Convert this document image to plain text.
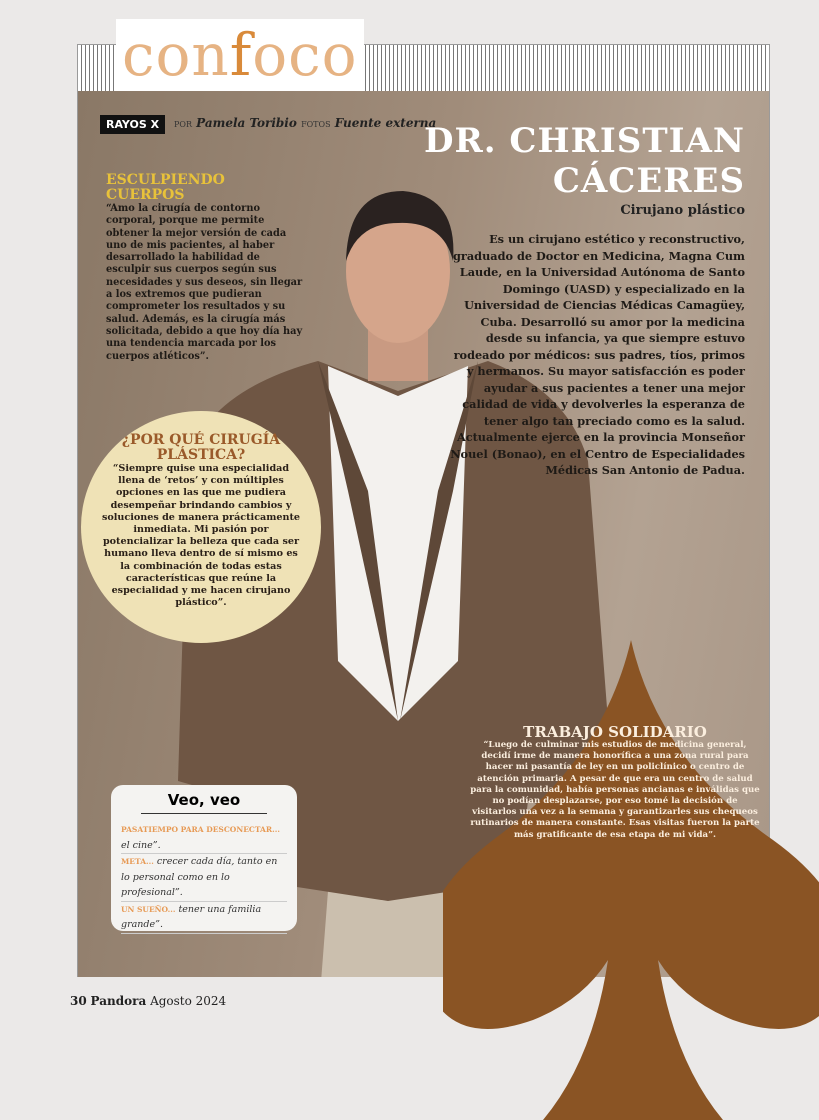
confoco
RAYOS X	POR Pamela Toribio FOTOS Fuente externa
DR. CHRISTIAN
CÁCERES
Cirujano plástico

Es un cirujano estético y reconstructivo, graduado de Doctor en Medicina, Magna Cum Laude, en la Universidad Autónoma de Santo Domingo (UASD) y especializado en la Universidad de Ciencias Médicas Camagüey, Cuba. Desarrolló su amor por la medicina desde su infancia, ya que siempre estuvo rodeado por médicos: sus padres, tíos, primos y hermanos. Su mayor satisfacción es poder ayudar a sus pacientes a tener una mejor calidad de vida y devolverles la esperanza de tener algo tan preciado como es la salud. Actualmente ejerce en la provincia Monseñor Nouel (Bonao), en el Centro de Especialidades Médicas San Antonio de Padua.

ESCULPIENDO CUERPOS

“Amo la cirugía de contorno corporal, porque me permite obtener la mejor versión de cada uno de mis pacientes, al haber desarrollado la habilidad de esculpir sus cuerpos según sus necesidades y sus deseos, sin llegar a los extremos que pudieran comprometer los resultados y su salud. Además, es la cirugía más solicitada, debido a que hoy día hay una tendencia marcada por los cuerpos atléticos”.

¿POR QUÉ CIRUGÍA PLÁSTICA?

“Siempre quise una especialidad llena de ‘retos’ y con múltiples opciones en las que me pudiera desempeñar brindando cambios y soluciones de manera prácticamente inmediata. Mi pasión por potencializar la belleza que cada ser humano lleva dentro de sí mismo es la combinación de todas estas características que reúne la especialidad y me hacen cirujano plástico”.

Veo, veo
PASATIEMPO PARA DESCONECTAR... el cine”.
META... crecer cada día, tanto en lo personal como en lo profesional”.
UN SUEÑO... tener una familia grande”.
TRABAJO SOLIDARIO

“Luego de culminar mis estudios de medicina general, decidí irme de manera honorífica a una zona rural para hacer mi pasantía de ley en un policlínico o centro de atención primaria. A pesar de que era un centro de salud para la comunidad, había personas ancianas e inválidas que no podían desplazarse, por eso tomé la decisión de visitarlos una vez a la semana y garantizarles sus chequeos rutinarios de manera constante. Esas visitas fueron la parte más gratificante de esa etapa de mi vida”.

30 Pandora Agosto 2024
